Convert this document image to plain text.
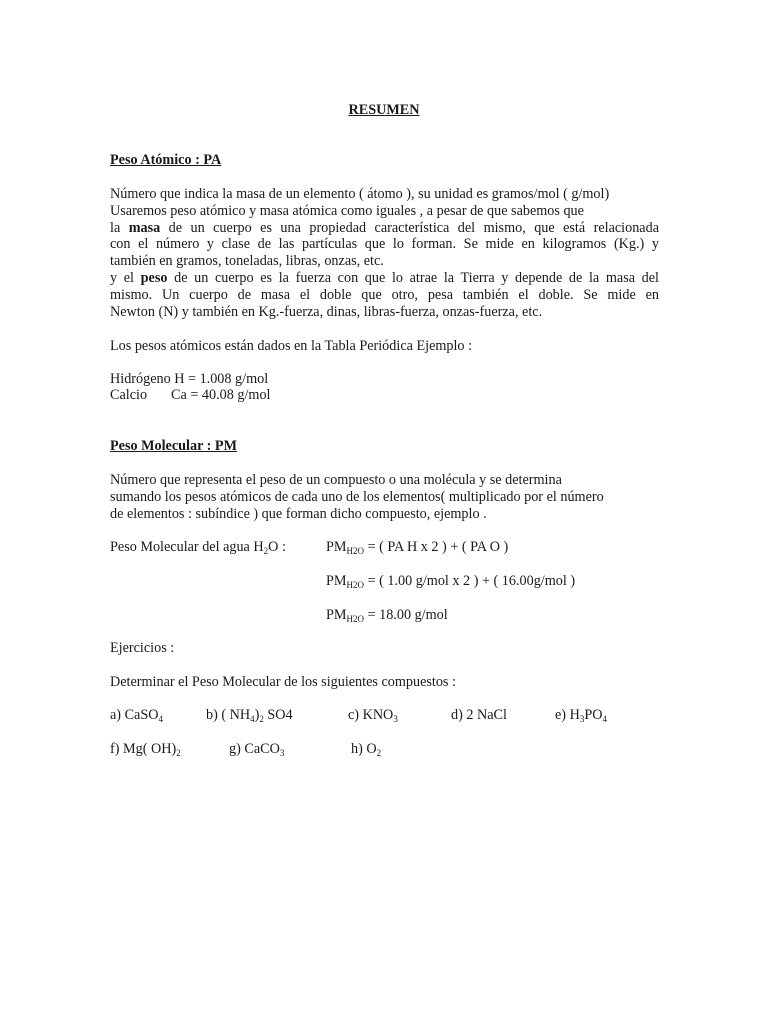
RESUMEN
Peso Atómico : PA
Número que indica la masa de un elemento ( átomo ), su unidad es gramos/mol ( g/mol)
Usaremos peso atómico y masa atómica como iguales , a pesar de que sabemos que
la masa de un cuerpo es una propiedad característica del mismo, que está relacionada
con el número y clase de las partículas que lo forman. Se mide en kilogramos (Kg.) y
también en gramos, toneladas, libras, onzas, etc.
y el peso de un cuerpo es la fuerza con que lo atrae la Tierra y depende de la masa del
mismo. Un cuerpo de masa el doble que otro, pesa también el doble. Se mide en
Newton (N) y también en Kg.-fuerza, dinas, libras-fuerza, onzas-fuerza, etc.
Los pesos atómicos están dados en la Tabla Periódica Ejemplo :
Hidrógeno H = 1.008 g/mol
Calcio Ca = 40.08 g/mol
Peso Molecular : PM
Número que representa el peso de un compuesto o una molécula y se determina
sumando los pesos atómicos de cada uno de los elementos( multiplicado por el número
de elementos : subíndice ) que forman dicho compuesto, ejemplo .
Peso Molecular del agua $H_2O$ :	$PM_{H2O}$ = ( PA H x 2 ) + ( PA O )
$PM_{H2O}$ = ( 1.00 g/mol x 2 ) + ( 16.00g/mol )
$PM_{H2O} = 18.00$ g/mol
Ejercicios :
Determinar el Peso Molecular de los siguientes compuestos :
a) CaSO$_4$	b) ( $NH_4)_2$ SO4	c) $KNO_3$	d) 2 NaCl	e) $H_3PO_4$
f) Mg( $OH)_2$	g) CaCO$_3$	h) $O_2$
